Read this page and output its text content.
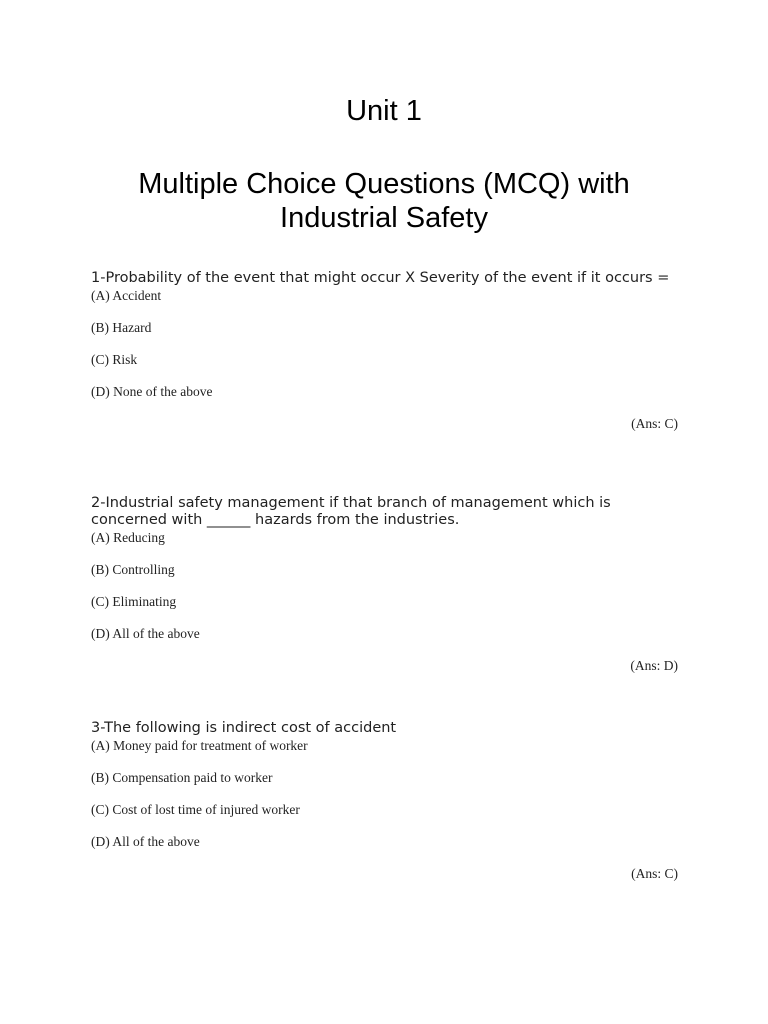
Unit 1
Multiple Choice Questions (MCQ) with Industrial Safety

1-Probability of the event that might occur X Severity of the event if it occurs =

(A) Accident

(B) Hazard

(C) Risk

(D) None of the above

(Ans: C)

2-Industrial safety management if that branch of management which is concerned with ______ hazards from the industries.

(A) Reducing

(B) Controlling

(C) Eliminating

(D) All of the above

(Ans: D)

3-The following is indirect cost of accident

(A) Money paid for treatment of worker

(B) Compensation paid to worker

(C) Cost of lost time of injured worker

(D) All of the above

(Ans: C)
